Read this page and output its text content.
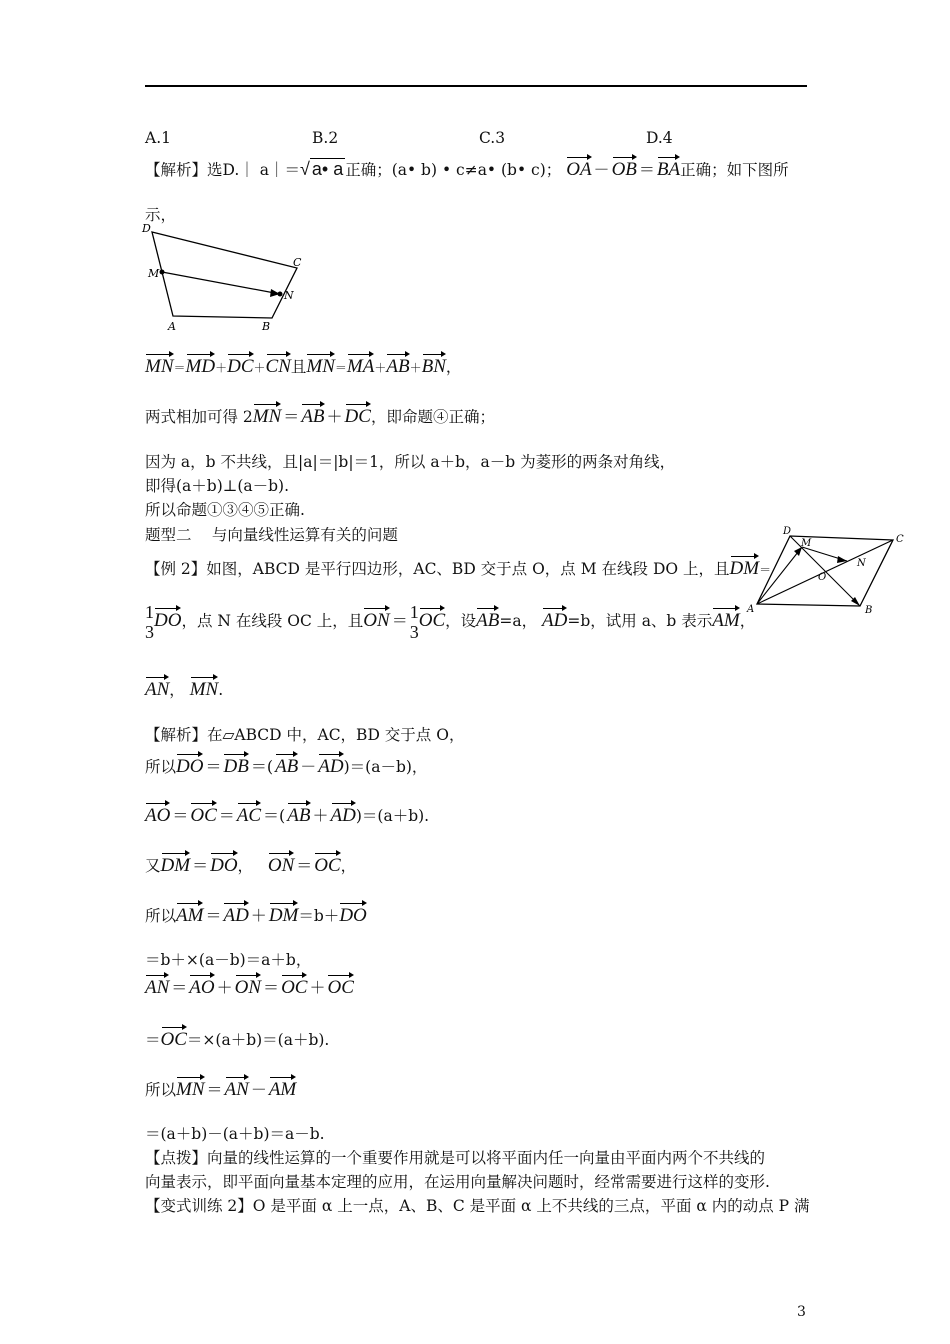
A.1	B.2	C.3	D.4
【解析】选D.｜ a｜＝√ a• a 正确；(a• b) • c≠a• (b• c)； OA － OB ＝ BA正确；如下图所
示，
D
M
A	B
C
N
MN＝MD＋DC＋CN且MN＝MA＋AB＋BN，
两式相加可得 2MN ＝ AB ＋ DC，即命题④正确；
因为 a，b 不共线，且|a|＝|b|＝1，所以 a＋b，a－b 为菱形的两条对角线，
即得(a＋b)⊥(a－b).
所以命题①③④⑤正确.
题型二　 与向量线性运算有关的问题	D
M	C
N
O
A	B
【例 2】如图，ABCD 是平行四边形，AC、BD 交于点 O，点 M 在线段 DO 上，且DM＝
1
3
DO，点 N 在线段 OC 上，且ON ＝ 1
3
OC，设AB=a， AD=b，试用 a、b 表示AM，
AN， MN.
【解析】在▱ABCD 中，AC，BD 交于点 O，
所以DO ＝ DB ＝( AB － AD)＝(a－b)，
AO ＝ OC ＝ AC ＝( AB ＋ AD)＝(a＋b).
又DM ＝ DO， ON ＝ OC，
所以AM ＝ AD ＋ DM＝b＋DO
＝b＋×(a－b)＝a＋b，
AN ＝ AO ＋ ON ＝ OC ＋ OC
＝OC＝×(a＋b)＝(a＋b).
所以MN ＝ AN － AM
＝(a＋b)－(a＋b)＝a－b.
【点拨】向量的线性运算的一个重要作用就是可以将平面内任一向量由平面内两个不共线的
向量表示，即平面向量基本定理的应用，在运用向量解决问题时，经常需要进行这样的变形.
【变式训练 2】O 是平面 α 上一点，A、B、C 是平面 α 上不共线的三点，平面 α 内的动点 P 满
3
